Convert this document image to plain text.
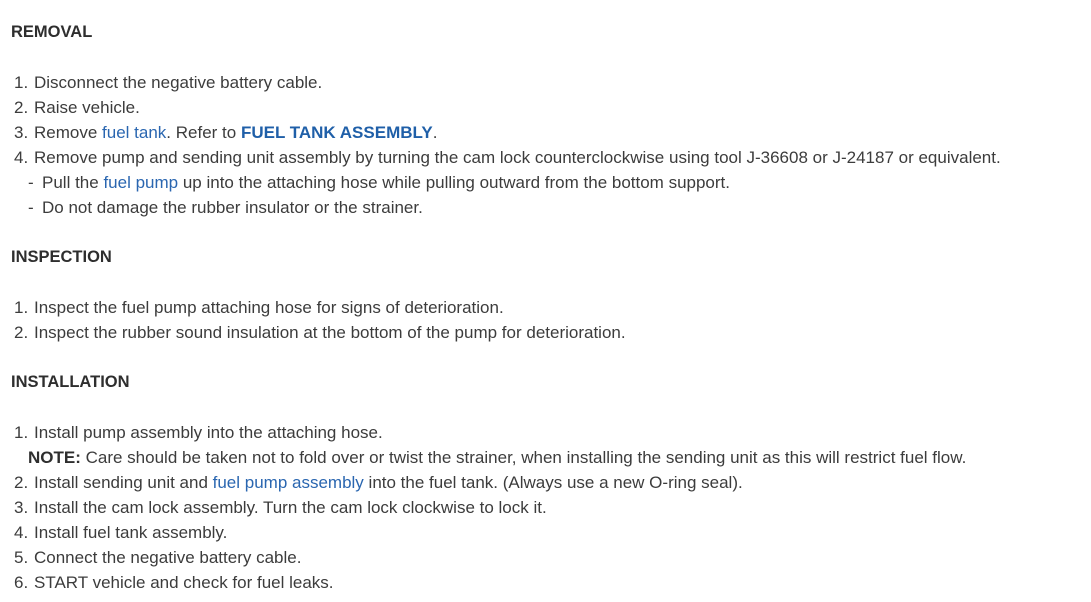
REMOVAL
1. Disconnect the negative battery cable.
2. Raise vehicle.
3. Remove fuel tank. Refer to FUEL TANK ASSEMBLY.
4. Remove pump and sending unit assembly by turning the cam lock counterclockwise using tool J-36608 or J-24187 or equivalent.
- Pull the fuel pump up into the attaching hose while pulling outward from the bottom support.
- Do not damage the rubber insulator or the strainer.
INSPECTION
1. Inspect the fuel pump attaching hose for signs of deterioration.
2. Inspect the rubber sound insulation at the bottom of the pump for deterioration.
INSTALLATION
1. Install pump assembly into the attaching hose.
NOTE: Care should be taken not to fold over or twist the strainer, when installing the sending unit as this will restrict fuel flow.
2. Install sending unit and fuel pump assembly into the fuel tank. (Always use a new O-ring seal).
3. Install the cam lock assembly. Turn the cam lock clockwise to lock it.
4. Install fuel tank assembly.
5. Connect the negative battery cable.
6. START vehicle and check for fuel leaks.
